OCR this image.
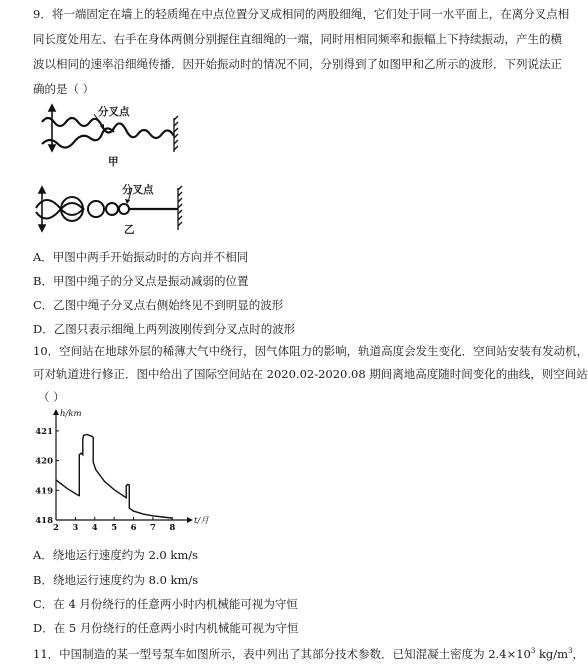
9．将一端固定在墙上的轻质绳在中点位置分叉成相同的两股细绳，它们处于同一水平面上，在离分叉点相
同长度处用左、右手在身体两侧分别握住直细绳的一端，同时用相同频率和振幅上下持续振动，产生的横
波以相同的速率沿细绳传播．因开始振动时的情况不同，分别得到了如图甲和乙所示的波形．下列说法正
确的是（ ）
分叉点
甲
分叉点
乙
A．甲图中两手开始振动时的方向并不相同
B．甲图中绳子的分叉点是振动减弱的位置
C．乙图中绳子分叉点右侧始终见不到明显的波形
D．乙图只表示细绳上两列波刚传到分叉点时的波形
10．空间站在地球外层的稀薄大气中绕行，因气体阻力的影响，轨道高度会发生变化．空间站安装有发动机，
可对轨道进行修正．图中给出了国际空间站在 2020.02-2020.08 期间离地高度随时间变化的曲线，则空间站
（ ）
h/km
t/月
418
419
420
421
2 3 4 5 6 7 8
A．绕地运行速度约为 2.0 km/s
B．绕地运行速度约为 8.0 km/s
C．在 4 月份绕行的任意两小时内机械能可视为守恒
D．在 5 月份绕行的任意两小时内机械能可视为守恒
11．中国制造的某一型号泵车如图所示，表中列出了其部分技术参数．已知混凝土密度为 $2.4\times 10^3$ $kg/m^3$，
